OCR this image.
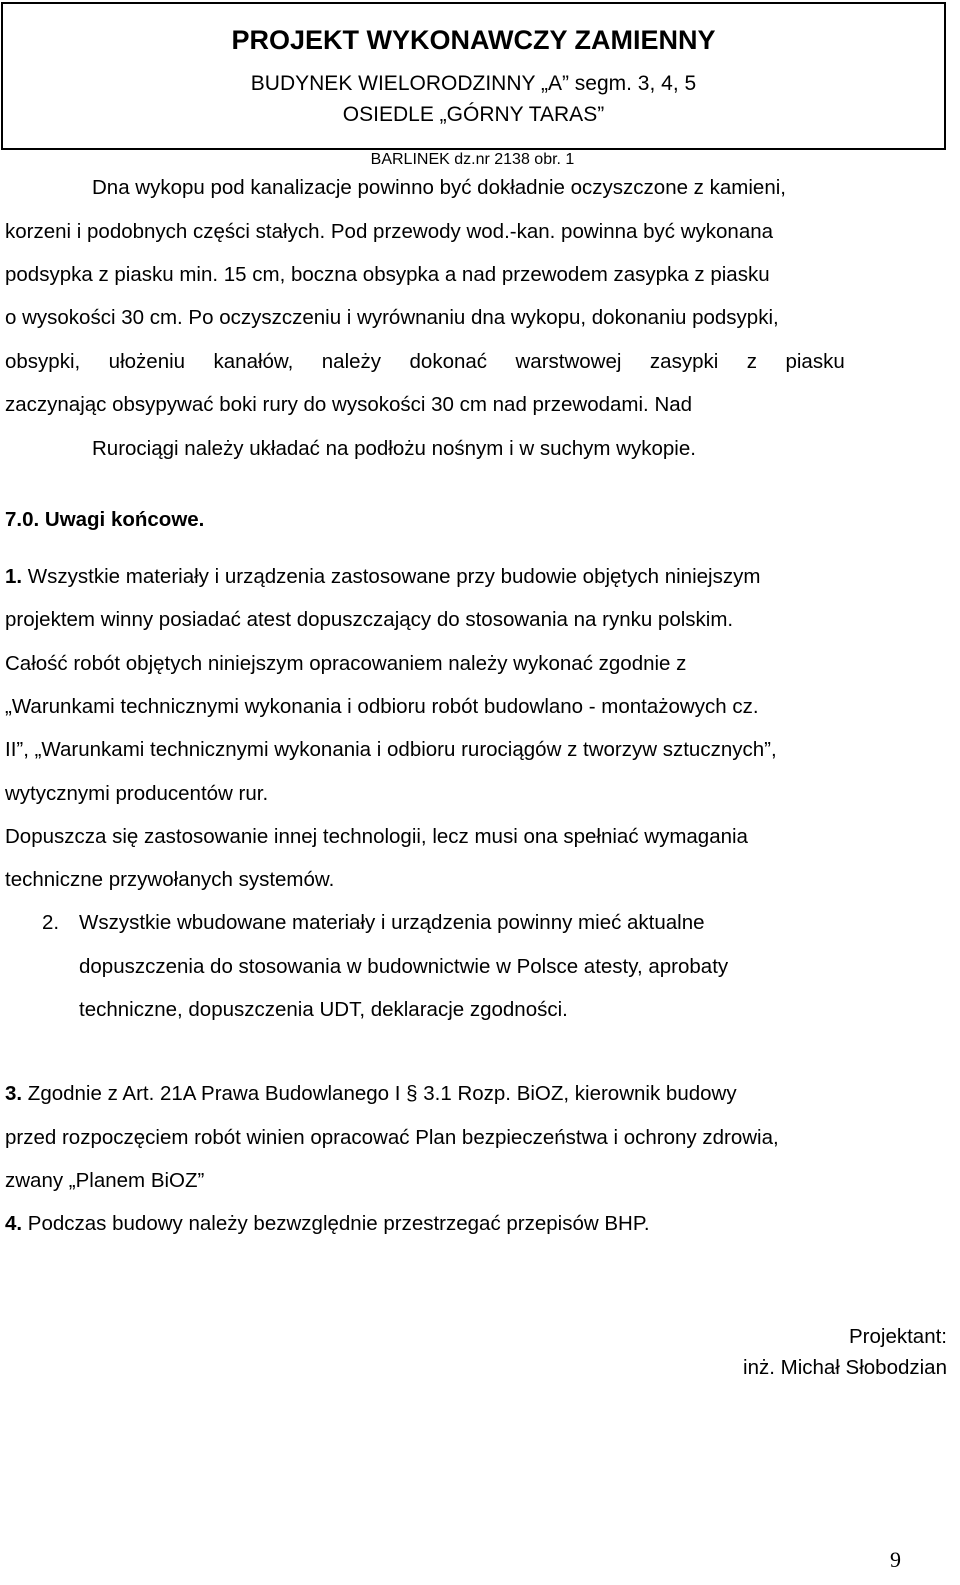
PROJEKT WYKONAWCZY ZAMIENNY
BUDYNEK WIELORODZINNY „A” segm. 3, 4, 5
OSIEDLE „GÓRNY TARAS”
BARLINEK dz.nr 2138 obr. 1
Dna wykopu pod kanalizacje powinno być dokładnie oczyszczone z kamieni,
korzeni i podobnych części stałych. Pod przewody wod.-kan. powinna być wykonana
podsypka z piasku min. 15 cm, boczna obsypka a nad przewodem zasypka z piasku
o wysokości 30 cm. Po oczyszczeniu i wyrównaniu dna wykopu, dokonaniu podsypki,
obsypki,     ułożeniu     kanałów,     należy     dokonać     warstwowej     zasypki     z     piasku
zaczynając obsypywać boki rury do wysokości 30 cm nad przewodami. Nad
Rurociągi należy układać na podłożu nośnym i w suchym wykopie.
7.0. Uwagi końcowe.
1. Wszystkie materiały i urządzenia zastosowane przy budowie objętych niniejszym
projektem winny posiadać atest dopuszczający do stosowania na rynku polskim.
Całość robót objętych niniejszym opracowaniem należy wykonać zgodnie z
„Warunkami technicznymi wykonania i odbioru robót budowlano - montażowych cz.
II”, „Warunkami technicznymi wykonania i odbioru rurociągów z tworzyw sztucznych”,
wytycznymi producentów rur.
Dopuszcza się zastosowanie innej technologii, lecz musi ona spełniać wymagania
techniczne przywołanych systemów.
2. Wszystkie wbudowane materiały i urządzenia powinny mieć aktualne
dopuszczenia do stosowania w budownictwie w Polsce atesty, aprobaty
techniczne, dopuszczenia UDT, deklaracje zgodności.
3. Zgodnie z Art. 21A Prawa Budowlanego I § 3.1 Rozp. BiOZ, kierownik budowy
przed rozpoczęciem robót winien opracować Plan bezpieczeństwa i ochrony zdrowia,
zwany „Planem BiOZ”
4. Podczas budowy należy bezwzględnie przestrzegać przepisów BHP.
Projektant:
inż. Michał Słobodzian
9
